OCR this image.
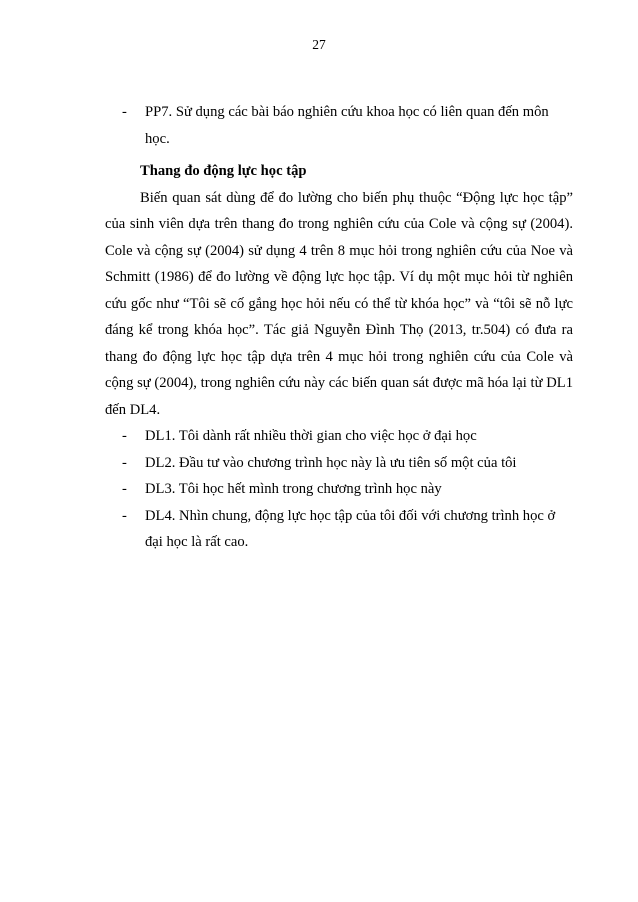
27
-	PP7. Sử dụng các bài báo nghiên cứu khoa học có liên quan đến môn học.
Thang đo động lực học tập

Biến quan sát dùng để đo lường cho biến phụ thuộc “Động lực học tập” của sinh viên dựa trên thang đo trong nghiên cứu của Cole và cộng sự (2004). Cole và cộng sự (2004) sử dụng 4 trên 8 mục hỏi trong nghiên cứu của Noe và Schmitt (1986) để đo lường về động lực học tập. Ví dụ một mục hỏi từ nghiên cứu gốc như “Tôi sẽ cố gắng học hỏi nếu có thể từ khóa học” và “tôi sẽ nỗ lực đáng kể trong khóa học”. Tác giả Nguyễn Đình Thọ (2013, tr.504) có đưa ra thang đo động lực học tập dựa trên 4 mục hỏi trong nghiên cứu của Cole và cộng sự (2004), trong nghiên cứu này các biến quan sát được mã hóa lại từ DL1 đến DL4.

-	DL1. Tôi dành rất nhiều thời gian cho việc học ở đại học
-	DL2. Đầu tư vào chương trình học này là ưu tiên số một của tôi
-	DL3. Tôi học hết mình trong chương trình học này
-	DL4. Nhìn chung, động lực học tập của tôi đối với chương trình học ở đại học là rất cao.
